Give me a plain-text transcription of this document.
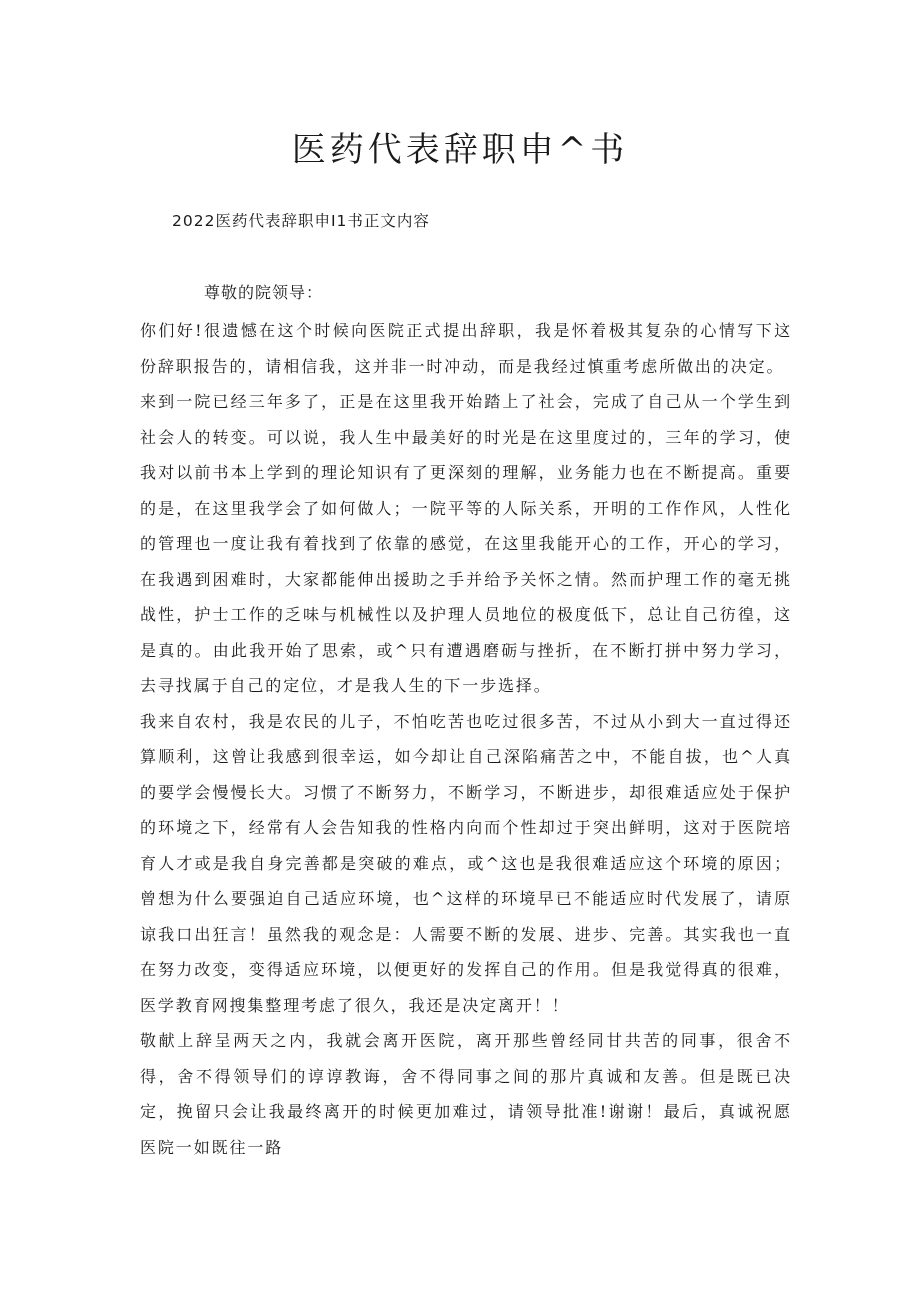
医药代表辞职申^书
2022医药代表辞职申I1书正文内容
尊敬的院领导：

你们好!很遗憾在这个时候向医院正式提出辞职，我是怀着极其复杂的心情写下这份辞职报告的，请相信我，这并非一时冲动，而是我经过慎重考虑所做出的决定。

来到一院已经三年多了，正是在这里我开始踏上了社会，完成了自己从一个学生到社会人的转变。可以说，我人生中最美好的时光是在这里度过的，三年的学习，使我对以前书本上学到的理论知识有了更深刻的理解，业务能力也在不断提高。重要的是，在这里我学会了如何做人；一院平等的人际关系，开明的工作作风，人性化的管理也一度让我有着找到了依靠的感觉，在这里我能开心的工作，开心的学习，在我遇到困难时，大家都能伸出援助之手并给予关怀之情。然而护理工作的毫无挑战性，护士工作的乏味与机械性以及护理人员地位的极度低下，总让自己彷徨，这是真的。由此我开始了思索，或^只有遭遇磨砺与挫折，在不断打拼中努力学习，去寻找属于自己的定位，才是我人生的下一步选择。

我来自农村，我是农民的儿子，不怕吃苦也吃过很多苦，不过从小到大一直过得还算顺利，这曾让我感到很幸运，如今却让自己深陷痛苦之中，不能自拔，也^人真的要学会慢慢长大。习惯了不断努力，不断学习，不断进步，却很难适应处于保护的环境之下，经常有人会告知我的性格内向而个性却过于突出鲜明，这对于医院培育人才或是我自身完善都是突破的难点，或^这也是我很难适应这个环境的原因；曾想为什么要强迫自己适应环境，也^这样的环境早已不能适应时代发展了，请原谅我口出狂言！虽然我的观念是：人需要不断的发展、进步、完善。其实我也一直在努力改变，变得适应环境，以便更好的发挥自己的作用。但是我觉得真的很难，医学教育网搜集整理考虑了很久，我还是决定离开！！

敬献上辞呈两天之内，我就会离开医院，离开那些曾经同甘共苦的同事，很舍不得，舍不得领导们的谆谆教诲，舍不得同事之间的那片真诚和友善。但是既已决定，挽留只会让我最终离开的时候更加难过，请领导批准!谢谢！最后，真诚祝愿医院一如既往一路
